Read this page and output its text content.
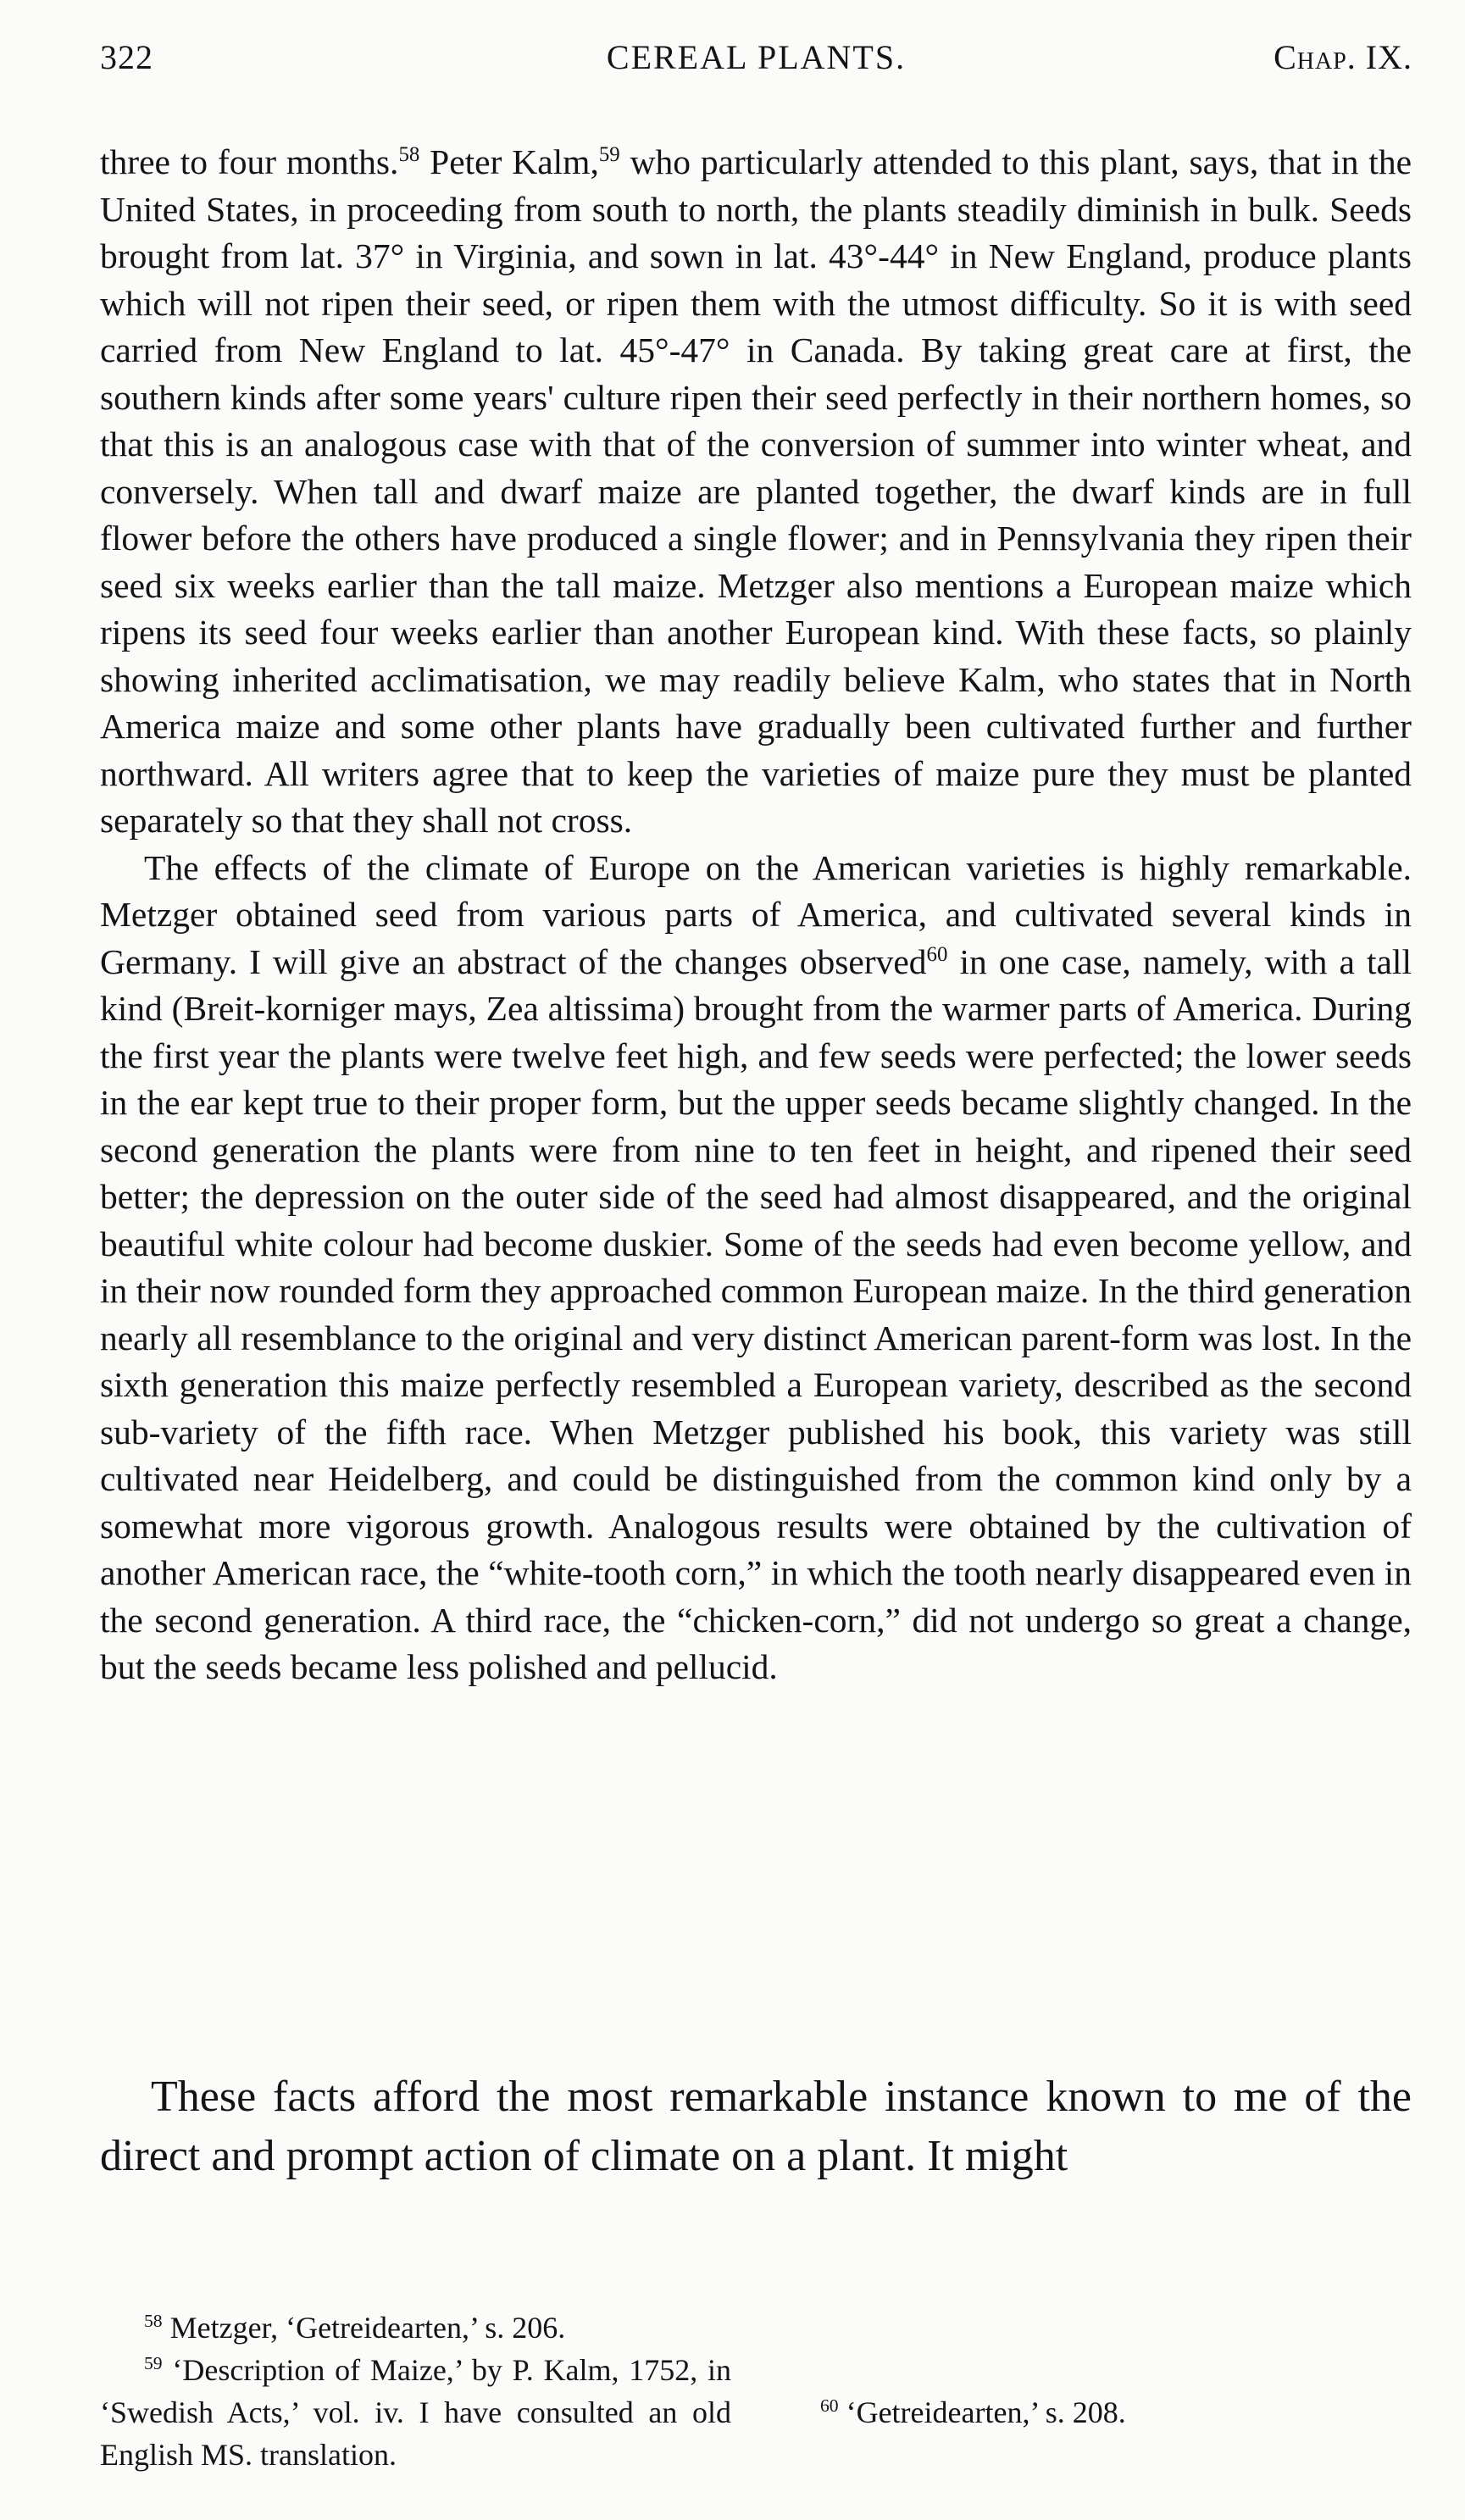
322	CEREAL PLANTS.	Chap. IX.

three to four months.$^{58}$ Peter Kalm,$^{59}$ who particularly attended to this plant, says, that in the United States, in proceeding from south to north, the plants steadily diminish in bulk. Seeds brought from lat. 37° in Virginia, and sown in lat. 43°-44° in New England, produce plants which will not ripen their seed, or ripen them with the utmost difficulty. So it is with seed carried from New England to lat. 45°-47° in Canada. By taking great care at first, the southern kinds after some years' culture ripen their seed perfectly in their northern homes, so that this is an analogous case with that of the conversion of summer into winter wheat, and conversely. When tall and dwarf maize are planted together, the dwarf kinds are in full flower before the others have produced a single flower; and in Pennsylvania they ripen their seed six weeks earlier than the tall maize. Metzger also mentions a European maize which ripens its seed four weeks earlier than another European kind. With these facts, so plainly showing inherited acclimatisation, we may readily believe Kalm, who states that in North America maize and some other plants have gradually been cultivated further and further northward. All writers agree that to keep the varieties of maize pure they must be planted separately so that they shall not cross.

The effects of the climate of Europe on the American varieties is highly remarkable. Metzger obtained seed from various parts of America, and cultivated several kinds in Germany. I will give an abstract of the changes observed$^{60}$ in one case, namely, with a tall kind (Breit-korniger mays, Zea altissima) brought from the warmer parts of America. During the first year the plants were twelve feet high, and few seeds were perfected; the lower seeds in the ear kept true to their proper form, but the upper seeds became slightly changed. In the second generation the plants were from nine to ten feet in height, and ripened their seed better; the depression on the outer side of the seed had almost disappeared, and the original beautiful white colour had become duskier. Some of the seeds had even become yellow, and in their now rounded form they approached common European maize. In the third generation nearly all resemblance to the original and very distinct American parent-form was lost. In the sixth generation this maize perfectly resembled a European variety, described as the second sub-variety of the fifth race. When Metzger published his book, this variety was still cultivated near Heidelberg, and could be distinguished from the common kind only by a somewhat more vigorous growth. Analogous results were obtained by the cultivation of another American race, the “white-tooth corn,” in which the tooth nearly disappeared even in the second generation. A third race, the “chicken-corn,” did not undergo so great a change, but the seeds became less polished and pellucid.

These facts afford the most remarkable instance known to me of the direct and prompt action of climate on a plant. It might

$^{58}$ Metzger, ‘Getreidearten,’ s. 206.

$^{59}$ ‘Description of Maize,’ by P. Kalm, 1752, in ‘Swedish Acts,’ vol. iv. I have consulted an old English MS. translation.

$^{60}$ ‘Getreidearten,’ s. 208.
